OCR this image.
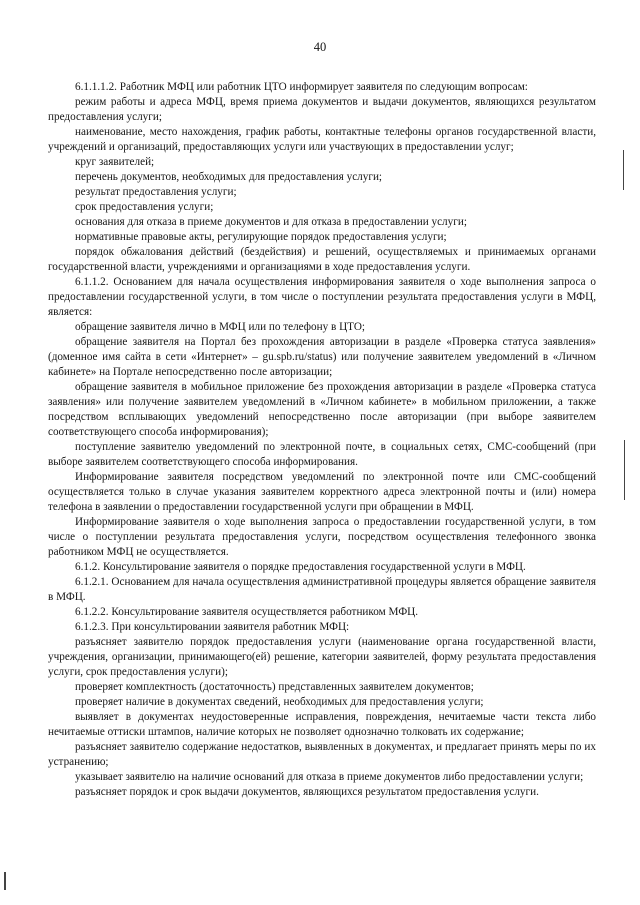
40

6.1.1.1.2. Работник МФЦ или работник ЦТО информирует заявителя по следующим вопросам:

режим работы и адреса МФЦ, время приема документов и выдачи документов, являющихся результатом предоставления услуги;

наименование, место нахождения, график работы, контактные телефоны органов государственной власти, учреждений и организаций, предоставляющих услуги или участвующих в предоставлении услуг;

круг заявителей;

перечень документов, необходимых для предоставления услуги;

результат предоставления услуги;

срок предоставления услуги;

основания для отказа в приеме документов и для отказа в предоставлении услуги;

нормативные правовые акты, регулирующие порядок предоставления услуги;

порядок обжалования действий (бездействия) и решений, осуществляемых и принимаемых органами государственной власти, учреждениями и организациями в ходе предоставления услуги.

6.1.1.2. Основанием для начала осуществления информирования заявителя о ходе выполнения запроса о предоставлении государственной услуги, в том числе о поступлении результата предоставления услуги в МФЦ, является:

обращение заявителя лично в МФЦ или по телефону в ЦТО;

обращение заявителя на Портал без прохождения авторизации в разделе «Проверка статуса заявления» (доменное имя сайта в сети «Интернет» – gu.spb.ru/status) или получение заявителем уведомлений в «Личном кабинете» на Портале непосредственно после авторизации;

обращение заявителя в мобильное приложение без прохождения авторизации в разделе «Проверка статуса заявления» или получение заявителем уведомлений в «Личном кабинете» в мобильном приложении, а также посредством всплывающих уведомлений непосредственно после авторизации (при выборе заявителем соответствующего способа информирования);

поступление заявителю уведомлений по электронной почте, в социальных сетях, СМС-сообщений (при выборе заявителем соответствующего способа информирования.

Информирование заявителя посредством уведомлений по электронной почте или СМС-сообщений осуществляется только в случае указания заявителем корректного адреса электронной почты и (или) номера телефона в заявлении о предоставлении государственной услуги при обращении в МФЦ.

Информирование заявителя о ходе выполнения запроса о предоставлении государственной услуги, в том числе о поступлении результата предоставления услуги, посредством осуществления телефонного звонка работником МФЦ не осуществляется.

6.1.2. Консультирование заявителя о порядке предоставления государственной услуги в МФЦ.

6.1.2.1. Основанием для начала осуществления административной процедуры является обращение заявителя в МФЦ.

6.1.2.2. Консультирование заявителя осуществляется работником МФЦ.

6.1.2.3. При консультировании заявителя работник МФЦ:

разъясняет заявителю порядок предоставления услуги (наименование органа государственной власти, учреждения, организации, принимающего(ей) решение, категории заявителей, форму результата предоставления услуги, срок предоставления услуги);

проверяет комплектность (достаточность) представленных заявителем документов;

проверяет наличие в документах сведений, необходимых для предоставления услуги;

выявляет в документах неудостоверенные исправления, повреждения, нечитаемые части текста либо нечитаемые оттиски штампов, наличие которых не позволяет однозначно толковать их содержание;

разъясняет заявителю содержание недостатков, выявленных в документах, и предлагает принять меры по их устранению;

указывает заявителю на наличие оснований для отказа в приеме документов либо предоставлении услуги;

разъясняет порядок и срок выдачи документов, являющихся результатом предоставления услуги.
